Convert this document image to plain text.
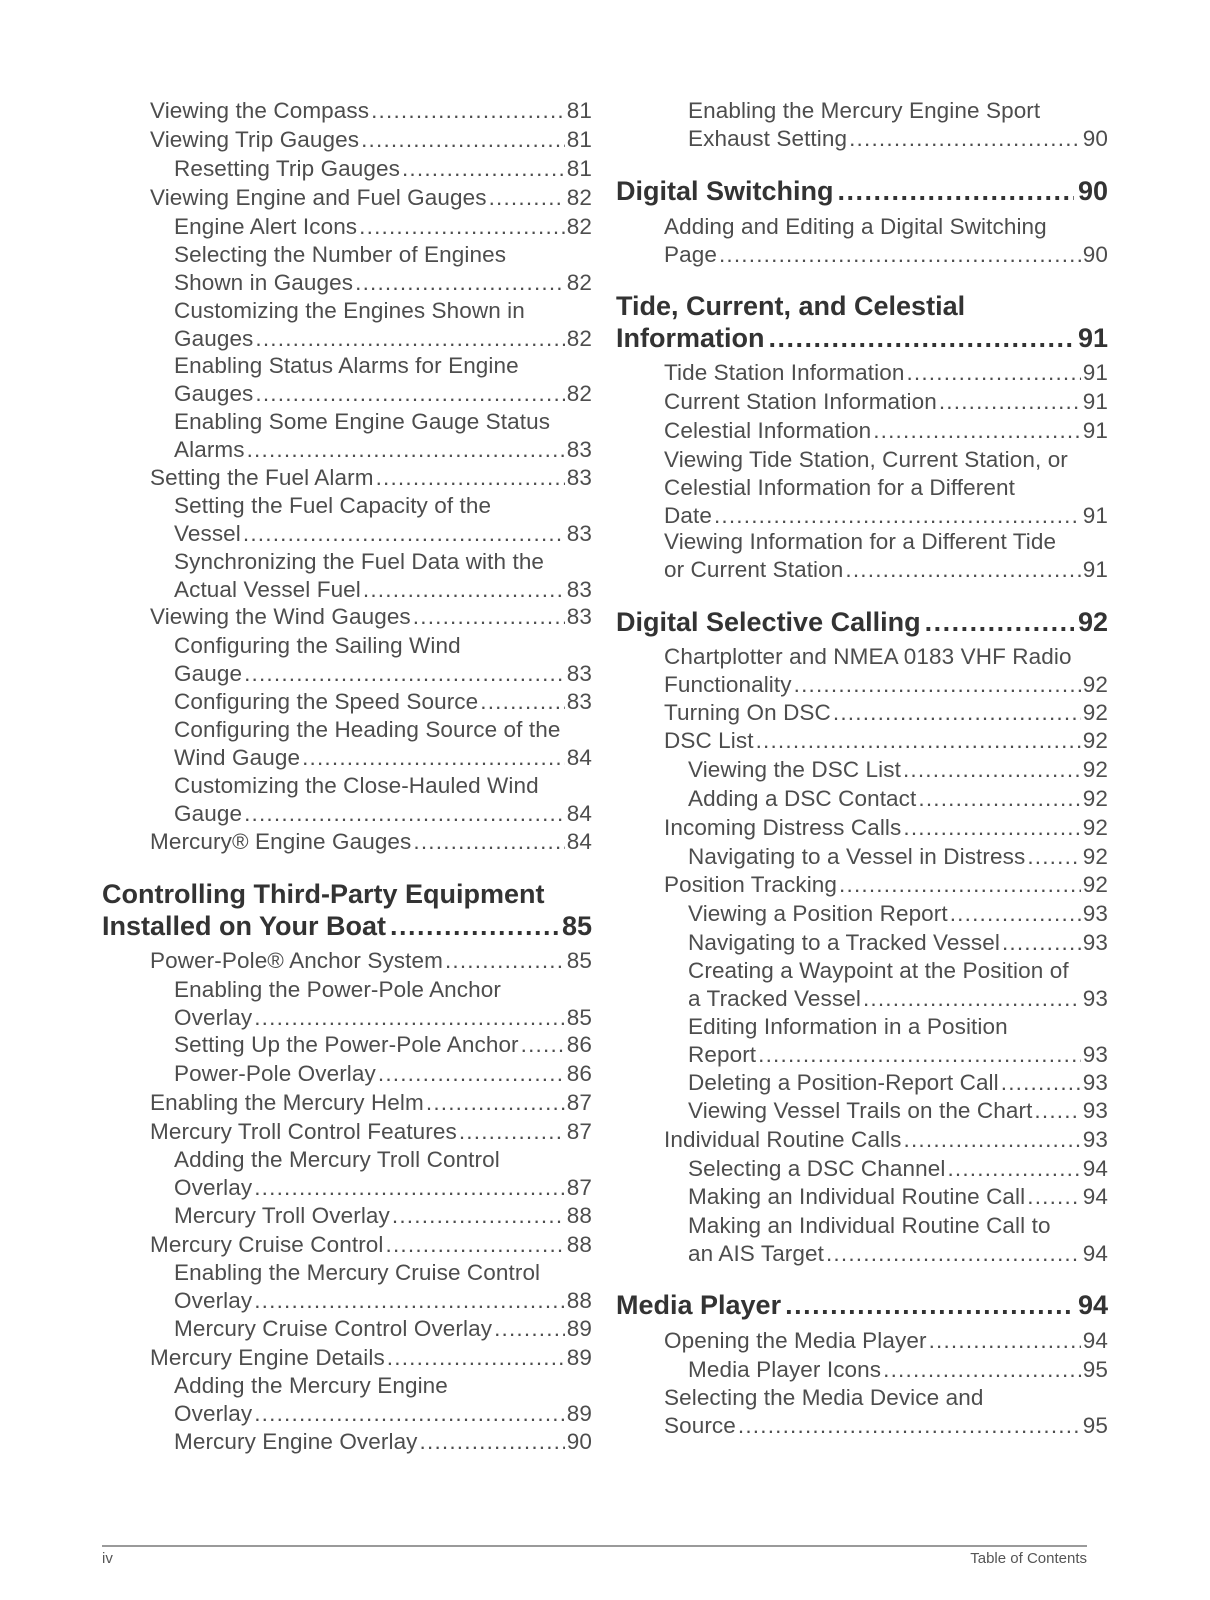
Viewing the Compass .....	81
Viewing Trip Gauges .....	81
Resetting Trip Gauges .....	81
Viewing Engine and Fuel Gauges .....	82
Engine Alert Icons .....	82
Selecting the Number of Engines
Shown in Gauges .....	82
Customizing the Engines Shown in
Gauges .....	82
Enabling Status Alarms for Engine
Gauges .....	82
Enabling Some Engine Gauge Status
Alarms .....	83
Setting the Fuel Alarm .....	83
Setting the Fuel Capacity of the
Vessel .....	83
Synchronizing the Fuel Data with the
Actual Vessel Fuel .....	83
Viewing the Wind Gauges .....	83
Configuring the Sailing Wind
Gauge .....	83
Configuring the Speed Source .....	83
Configuring the Heading Source of the
Wind Gauge .....	84
Customizing the Close-Hauled Wind
Gauge .....	84
Mercury® Engine Gauges .....	84
Controlling Third-Party Equipment
Installed on Your Boat .....	85
Power-Pole® Anchor System .....	85
Enabling the Power-Pole Anchor
Overlay .....	85
Setting Up the Power-Pole Anchor ..... 86
Power-Pole Overlay .....	86
Enabling the Mercury Helm .....	87
Mercury Troll Control Features .....	87
Adding the Mercury Troll Control
Overlay .....	87
Mercury Troll Overlay .....	88
Mercury Cruise Control .....	88
Enabling the Mercury Cruise Control
Overlay .....	88
Mercury Cruise Control Overlay .....	89
Mercury Engine Details .....	89
Adding the Mercury Engine
Overlay .....	89
Mercury Engine Overlay .....	90
Enabling the Mercury Engine Sport
Exhaust Setting .....	90
Digital Switching .....	90
Adding and Editing a Digital Switching
Page .....	90
Tide, Current, and Celestial
Information .....	91
Tide Station Information .....	91
Current Station Information .....	91
Celestial Information .....	91
Viewing Tide Station, Current Station, or
Celestial Information for a Different
Date .....	91
Viewing Information for a Different Tide
or Current Station .....	91
Digital Selective Calling .....	92
Chartplotter and NMEA 0183 VHF Radio
Functionality .....	92
Turning On DSC .....	92
DSC List .....	92
Viewing the DSC List .....	92
Adding a DSC Contact .....	92
Incoming Distress Calls .....	92
Navigating to a Vessel in Distress .....	92
Position Tracking .....	92
Viewing a Position Report .....	93
Navigating to a Tracked Vessel .....	93
Creating a Waypoint at the Position of
a Tracked Vessel .....	93
Editing Information in a Position
Report .....	93
Deleting a Position-Report Call .....	93
Viewing Vessel Trails on the Chart ..... 93
Individual Routine Calls .....	93
Selecting a DSC Channel .....	94
Making an Individual Routine Call .....	94
Making an Individual Routine Call to
an AIS Target .....	94
Media Player .....	94
Opening the Media Player .....	94
Media Player Icons .....	95
Selecting the Media Device and
Source .....	95
iv	Table of Contents
